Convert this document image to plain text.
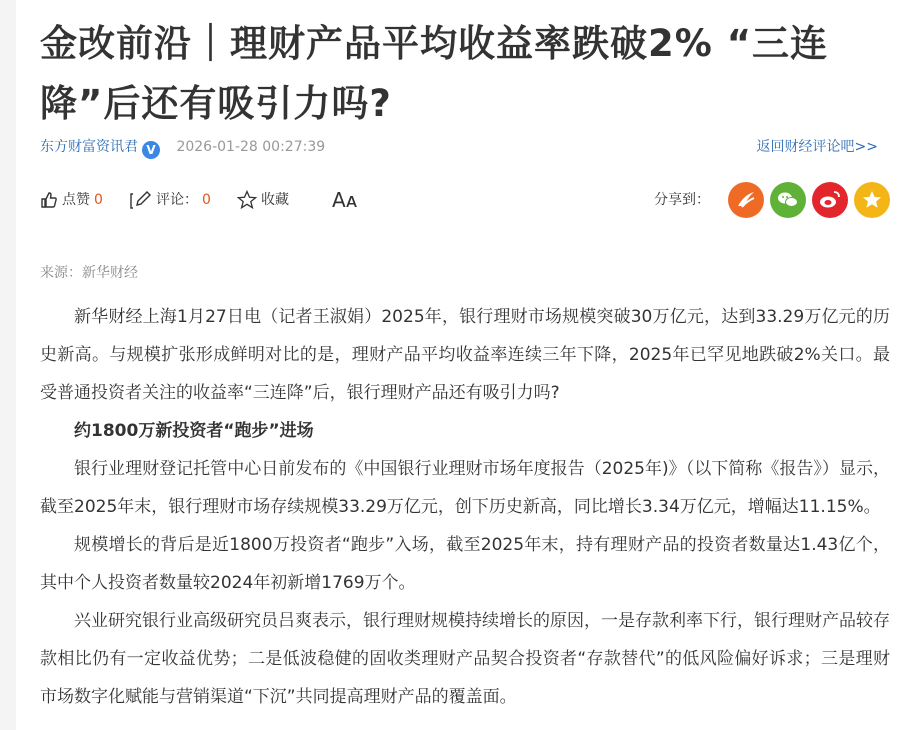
金改前沿｜理财产品平均收益率跌破2% “三连降”后还有吸引力吗?
东方财富资讯君 V 2026-01-28 00:27:39	返回财经评论吧>>
点赞 0	评论： 0	收藏 Aᴀ	分享到：
来源：新华财经

新华财经上海1月27日电（记者王淑娟）2025年，银行理财市场规模突破30万亿元，达到33.29万亿元的历史新高。与规模扩张形成鲜明对比的是，理财产品平均收益率连续三年下降，2025年已罕见地跌破2%关口。最受普通投资者关注的收益率“三连降”后，银行理财产品还有吸引力吗?

约1800万新投资者“跑步”进场

银行业理财登记托管中心日前发布的《中国银行业理财市场年度报告（2025年)》（以下简称《报告》）显示，截至2025年末，银行理财市场存续规模33.29万亿元，创下历史新高，同比增长3.34万亿元，增幅达11.15%。

规模增长的背后是近1800万投资者“跑步”入场，截至2025年末，持有理财产品的投资者数量达1.43亿个，其中个人投资者数量较2024年初新增1769万个。

兴业研究银行业高级研究员吕爽表示，银行理财规模持续增长的原因，一是存款利率下行，银行理财产品较存款相比仍有一定收益优势；二是低波稳健的固收类理财产品契合投资者“存款替代”的低风险偏好诉求；三是理财市场数字化赋能与营销渠道“下沉”共同提高理财产品的覆盖面。
